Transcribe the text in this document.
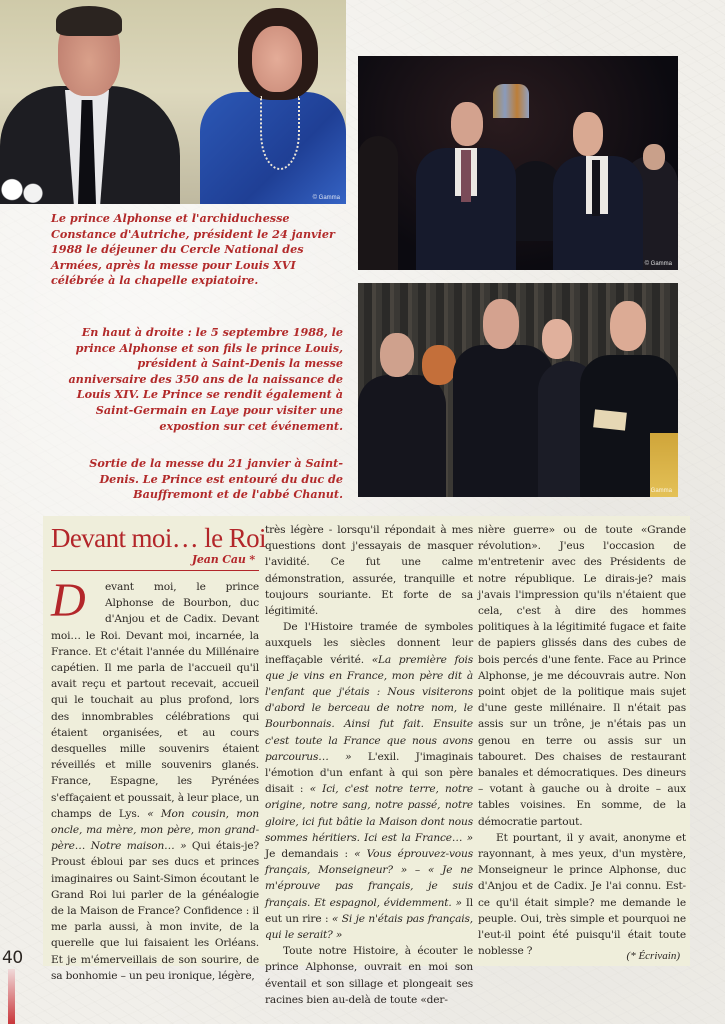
© Gamma
© Gamma
Gamma
Le prince Alphonse et l'archiduchesse Constance d'Autriche, président le 24 janvier 1988 le déjeuner du Cercle National des Armées, après la messe pour Louis XVI célébrée à la chapelle expiatoire.
En haut à droite : le 5 septembre 1988, le prince Alphonse et son fils le prince Louis, président à Saint-Denis la messe anniversaire des 350 ans de la naissance de Louis XIV. Le Prince se rendit également à Saint-Germain en Laye pour visiter une expostion sur cet événement.
Sortie de la messe du 21 janvier à Saint-Denis. Le Prince est entouré du duc de Bauffremont et de l'abbé Chanut.
Devant moi… le Roi
Jean Cau *

D	evant moi, le prince Alphonse de Bourbon, duc d'Anjou et de Cadix. Devant moi… le Roi. Devant moi, incarnée, la France. Et c'était l'année du Millénaire capétien. Il me parla de l'accueil qu'il avait reçu et partout recevait, accueil qui le touchait au plus profond, lors des innombrables célébrations qui étaient organisées, et au cours desquelles mille souvenirs étaient réveillés et mille souvenirs glanés. France, Espagne, les Pyrénées s'effaçaient et poussait, à leur place, un champs de Lys. « Mon cousin, mon oncle, ma mère, mon père, mon grand-père… Notre maison… » Qui étais-je? Proust ébloui par ses ducs et princes imaginaires ou Saint-Simon écoutant le Grand Roi lui parler de la généalogie de la Maison de France? Confidence : il me parla aussi, à mon invite, de la querelle que lui faisaient les Orléans. Et je m'émerveillais de son sourire, de sa bonhomie – un peu ironique, légère,

très légère - lorsqu'il répondait à mes questions dont j'essayais de masquer l'avidité. Ce fut une calme démonstration, assurée, tranquille et toujours souriante. Et forte de sa légitimité.

De l'Histoire tramée de symboles auxquels les siècles donnent leur ineffaçable vérité. «La première fois que je vins en France, mon père dit à l'enfant que j'étais : Nous visiterons d'abord le berceau de notre nom, le Bourbonnais. Ainsi fut fait. Ensuite c'est toute la France que nous avons parcourus… » L'exil. J'imaginais l'émotion d'un enfant à qui son père disait : « Ici, c'est notre terre, notre origine, notre sang, notre passé, notre gloire, ici fut bâtie la Maison dont nous sommes héritiers. Ici est la France… » Je demandais : « Vous éprouvez-vous français, Monseigneur? » – « Je ne m'éprouve pas français, je suis français. Et espagnol, évidemment. » Il eut un rire : « Si je n'étais pas français, qui le serait? »

Toute notre Histoire, à écouter le prince Alphonse, ouvrait en moi son éventail et son sillage et plongeait ses racines bien au-delà de toute «der-

nière guerre» ou de toute «Grande révolution». J'eus l'occasion de m'entretenir avec des Présidents de notre république. Le dirais-je? mais j'avais l'impression qu'ils n'étaient que cela, c'est à dire des hommes politiques à la légitimité fugace et faite de papiers glissés dans des cubes de bois percés d'une fente. Face au Prince Alphonse, je me découvrais autre. Non point objet de la politique mais sujet d'une geste millénaire. Il n'était pas assis sur un trône, je n'étais pas un genou en terre ou assis sur un tabouret. Des chaises de restaurant banales et démocratiques. Des dineurs – votant à gauche ou à droite – aux tables voisines. En somme, de la démocratie partout.

Et pourtant, il y avait, anonyme et rayonnant, à mes yeux, d'un mystère, Monseigneur le prince Alphonse, duc d'Anjou et de Cadix. Je l'ai connu. Est-ce qu'il était simple? me demande le peuple. Oui, très simple et pourquoi ne l'eut-il point été puisqu'il était toute noblesse ?	(* Écrivain)
40
